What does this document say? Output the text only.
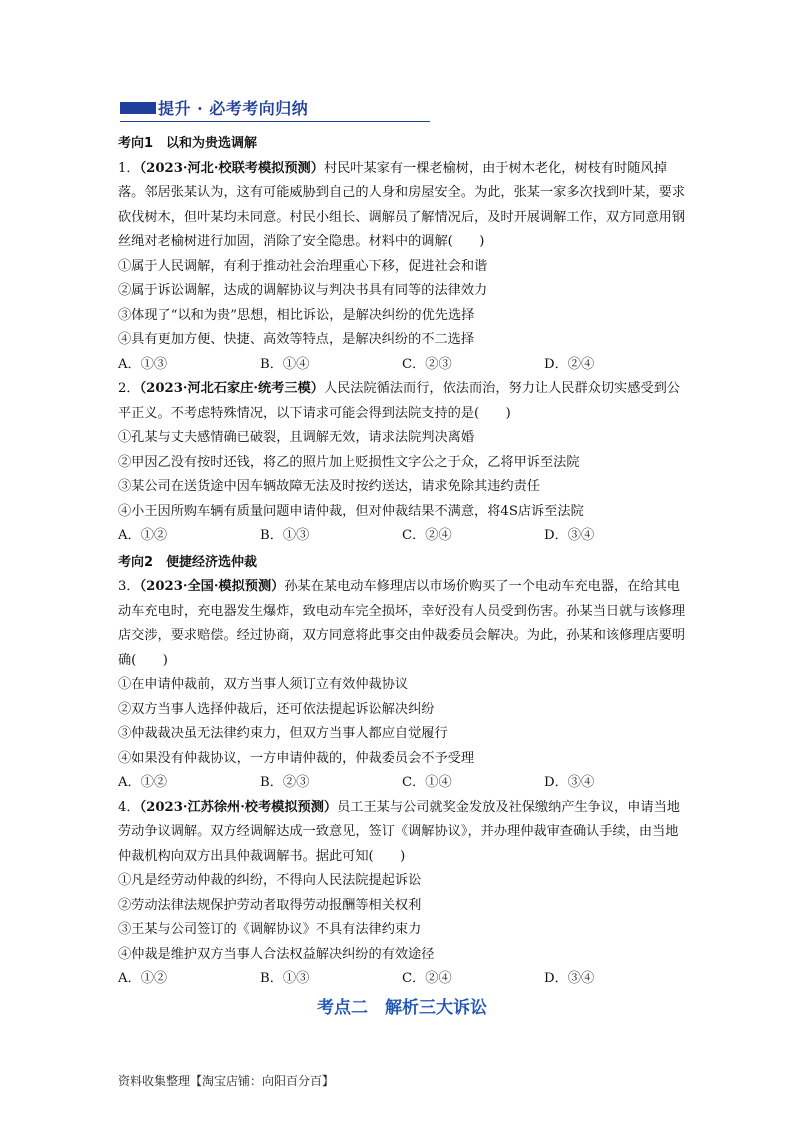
提升 · 必考考向归纳
考向1　以和为贵选调解
1．（2023·河北·校联考模拟预测）村民叶某家有一棵老榆树，由于树木老化，树枝有时随风掉落。邻居张某认为，这有可能威胁到自己的人身和房屋安全。为此，张某一家多次找到叶某，要求砍伐树木，但叶某均未同意。村民小组长、调解员了解情况后，及时开展调解工作，双方同意用钢丝绳对老榆树进行加固，消除了安全隐患。材料中的调解(　　)
①属于人民调解，有利于推动社会治理重心下移，促进社会和谐
②属于诉讼调解，达成的调解协议与判决书具有同等的法律效力
③体现了“以和为贵”思想，相比诉讼，是解决纠纷的优先选择
④具有更加方便、快捷、高效等特点，是解决纠纷的不二选择
A．①③	B．①④	C．②③	D．②④
2．（2023·河北石家庄·统考三模）人民法院循法而行，依法而治，努力让人民群众切实感受到公平正义。不考虑特殊情况，以下请求可能会得到法院支持的是(　　)
①孔某与丈夫感情确已破裂，且调解无效，请求法院判决离婚
②甲因乙没有按时还钱，将乙的照片加上贬损性文字公之于众，乙将甲诉至法院
③某公司在送货途中因车辆故障无法及时按约送达，请求免除其违约责任
④小王因所购车辆有质量问题申请仲裁，但对仲裁结果不满意，将4S店诉至法院
A．①②	B．①③	C．②④	D．③④
考向2　便捷经济选仲裁
3．（2023·全国·模拟预测）孙某在某电动车修理店以市场价购买了一个电动车充电器，在给其电动车充电时，充电器发生爆炸，致电动车完全损坏，幸好没有人员受到伤害。孙某当日就与该修理店交涉，要求赔偿。经过协商，双方同意将此事交由仲裁委员会解决。为此，孙某和该修理店要明确(　　)
①在申请仲裁前，双方当事人须订立有效仲裁协议
②双方当事人选择仲裁后，还可依法提起诉讼解决纠纷
③仲裁裁决虽无法律约束力，但双方当事人都应自觉履行
④如果没有仲裁协议，一方申请仲裁的，仲裁委员会不予受理
A．①②	B．②③	C．①④	D．③④
4．（2023·江苏徐州·校考模拟预测）员工王某与公司就奖金发放及社保缴纳产生争议，申请当地劳动争议调解。双方经调解达成一致意见，签订《调解协议》，并办理仲裁审查确认手续，由当地仲裁机构向双方出具仲裁调解书。据此可知(　　)
①凡是经劳动仲裁的纠纷，不得向人民法院提起诉讼
②劳动法律法规保护劳动者取得劳动报酬等相关权利
③王某与公司签订的《调解协议》不具有法律约束力
④仲裁是维护双方当事人合法权益解决纠纷的有效途径
A．①②	B．①③	C．②④	D．③④
考点二　解析三大诉讼
资料收集整理【淘宝店铺：向阳百分百】
